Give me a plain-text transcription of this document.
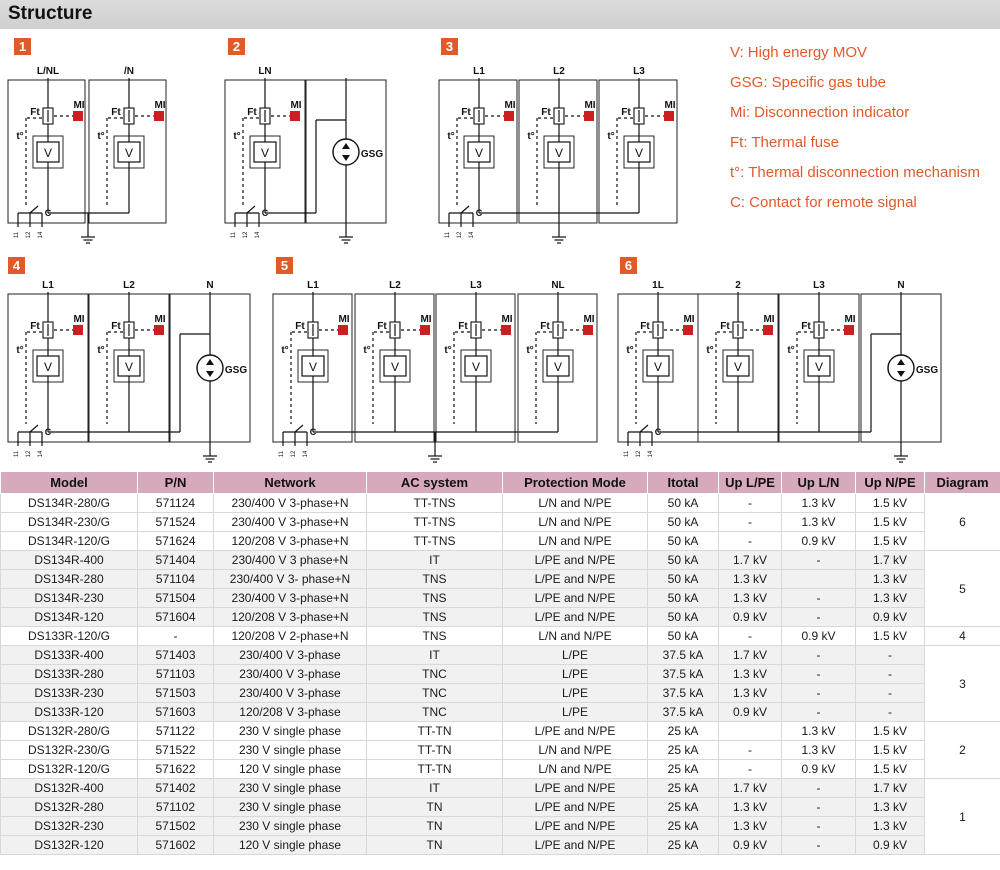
Structure
1
L/NL
Ft
MI
t°
V
/N
Ft
MI
t°
V
C
11 12 14
2
LN
Ft
MI
t°
V	GSG
C
11 12 14
3
L1
Ft
MI
t°
V
L2
Ft
MI
t°
V
L3
Ft
MI
t°
V
C
11 12 14
4
L1
Ft
MI
t°
V
L2
Ft
MI
t°
V
N
GSG
C
11 12 14
5
L1
Ft
MI
t°
V
L2
Ft
MI
t°
V
L3
Ft
MI
t°
V
NL
Ft
MI
t°
V
C
11 12 14
6
1L
Ft
MI
t°
V
2
Ft
MI
t°
V
L3
Ft
MI
t°
V
N
GSG
C
11 12 14
V: High energy MOV
GSG: Specific gas tube
Mi: Disconnection indicator
Ft: Thermal fuse
t°: Thermal disconnection mechanism
C: Contact for remote signal
Model	P/N	Network	AC system	Protection Mode	Itotal	Up L/PE	Up L/N	Up N/PE	Diagram
DS134R-280/G	571124	230/400 V 3-phase+N	TT-TNS	L/N and N/PE	50 kA	-	1.3 kV	1.5 kV	6
DS134R-230/G	571524	230/400 V 3-phase+N	TT-TNS	L/N and N/PE	50 kA	-	1.3 kV	1.5 kV	
DS134R-120/G	571624	120/208 V 3-phase+N	TT-TNS	L/N and N/PE	50 kA	-	0.9 kV	1.5 kV	
DS134R-400	571404	230/400 V 3 phase+N	IT	L/PE and N/PE	50 kA	1.7 kV	-	1.7 kV	5
DS134R-280	571104	230/400 V 3- phase+N	TNS	L/PE and N/PE	50 kA	1.3 kV		1.3 kV	
DS134R-230	571504	230/400 V 3-phase+N	TNS	L/PE and N/PE	50 kA	1.3 kV	-	1.3 kV	
DS134R-120	571604	120/208 V 3-phase+N	TNS	L/PE and N/PE	50 kA	0.9 kV	-	0.9 kV	
DS133R-120/G	-	120/208 V 2-phase+N	TNS	L/N and N/PE	50 kA	-	0.9 kV	1.5 kV	4
DS133R-400	571403	230/400 V 3-phase	IT	L/PE	37.5 kA	1.7 kV	-	-	3
DS133R-280	571103	230/400 V 3-phase	TNC	L/PE	37.5 kA	1.3 kV	-	-	
DS133R-230	571503	230/400 V 3-phase	TNC	L/PE	37.5 kA	1.3 kV	-	-	
DS133R-120	571603	120/208 V 3-phase	TNC	L/PE	37.5 kA	0.9 kV	-	-	
DS132R-280/G	571122	230 V single phase	TT-TN	L/PE and N/PE	25 kA		1.3 kV	1.5 kV	2
DS132R-230/G	571522	230 V single phase	TT-TN	L/N and N/PE	25 kA	-	1.3 kV	1.5 kV	
DS132R-120/G	571622	120 V single phase	TT-TN	L/N and N/PE	25 kA	-	0.9 kV	1.5 kV	
DS132R-400	571402	230 V single phase	IT	L/PE and N/PE	25 kA	1.7 kV	-	1.7 kV	1
DS132R-280	571102	230 V single phase	TN	L/PE and N/PE	25 kA	1.3 kV	-	1.3 kV	
DS132R-230	571502	230 V single phase	TN	L/PE and N/PE	25 kA	1.3 kV	-	1.3 kV	
DS132R-120	571602	120 V single phase	TN	L/PE and N/PE	25 kA	0.9 kV	-	0.9 kV	
